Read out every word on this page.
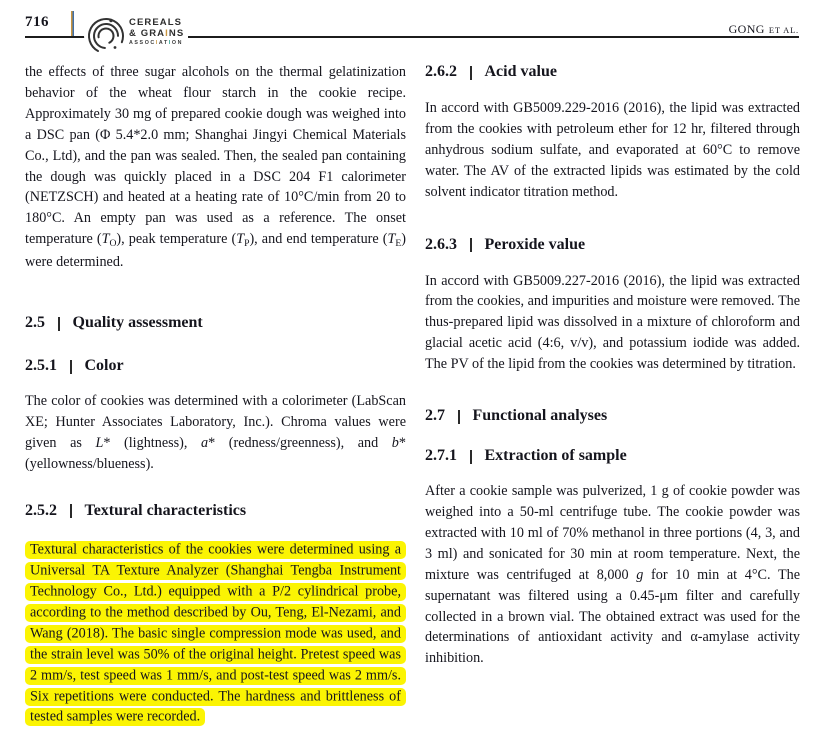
716	CEREALS
& GRAINS
ASSOCIATION
GONG ET AL.

the effects of three sugar alcohols on the thermal gelatinization behavior of the wheat flour starch in the cookie recipe. Approximately 30 mg of prepared cookie dough was weighed into a DSC pan (Φ 5.4*2.0 mm; Shanghai Jingyi Chemical Materials Co., Ltd), and the pan was sealed. Then, the sealed pan containing the dough was quickly placed in a DSC 204 F1 calorimeter (NETZSCH) and heated at a heating rate of 10°C/min from 20 to 180°C. An empty pan was used as a reference. The onset temperature (TO), peak temperature (TP), and end temperature (TE) were determined.

2.5 Quality assessment
2.5.1 Color

The color of cookies was determined with a colorimeter (LabScan XE; Hunter Associates Laboratory, Inc.). Chroma values were given as L* (lightness), a* (redness/greenness), and b* (yellowness/blueness).

2.5.2 Textural characteristics

Textural characteristics of the cookies were determined using a Universal TA Texture Analyzer (Shanghai Tengba Instrument Technology Co., Ltd.) equipped with a P/2 cylindrical probe, according to the method described by Ou, Teng, El-Nezami, and Wang (2018). The basic single compression mode was used, and the strain level was 50% of the original height. Pretest speed was 2 mm/s, test speed was 1 mm/s, and post-test speed was 2 mm/s. Six repetitions were conducted. The hardness and brittleness of tested samples were recorded.

2.6.2 Acid value

In accord with GB5009.229-2016 (2016), the lipid was extracted from the cookies with petroleum ether for 12 hr, filtered through anhydrous sodium sulfate, and evaporated at 60°C to remove water. The AV of the extracted lipids was estimated by the cold solvent indicator titration method.

2.6.3 Peroxide value

In accord with GB5009.227-2016 (2016), the lipid was extracted from the cookies, and impurities and moisture were removed. The thus-prepared lipid was dissolved in a mixture of chloroform and glacial acetic acid (4:6, v/v), and potassium iodide was added. The PV of the lipid from the cookies was determined by titration.

2.7 Functional analyses
2.7.1 Extraction of sample

After a cookie sample was pulverized, 1 g of cookie powder was weighed into a 50-ml centrifuge tube. The cookie powder was extracted with 10 ml of 70% methanol in three portions (4, 3, and 3 ml) and sonicated for 30 min at room temperature. Next, the mixture was centrifuged at 8,000 g for 10 min at 4°C. The supernatant was filtered using a 0.45-μm filter and carefully collected in a brown vial. The obtained extract was used for the determinations of antioxidant activity and α-amylase activity inhibition.
